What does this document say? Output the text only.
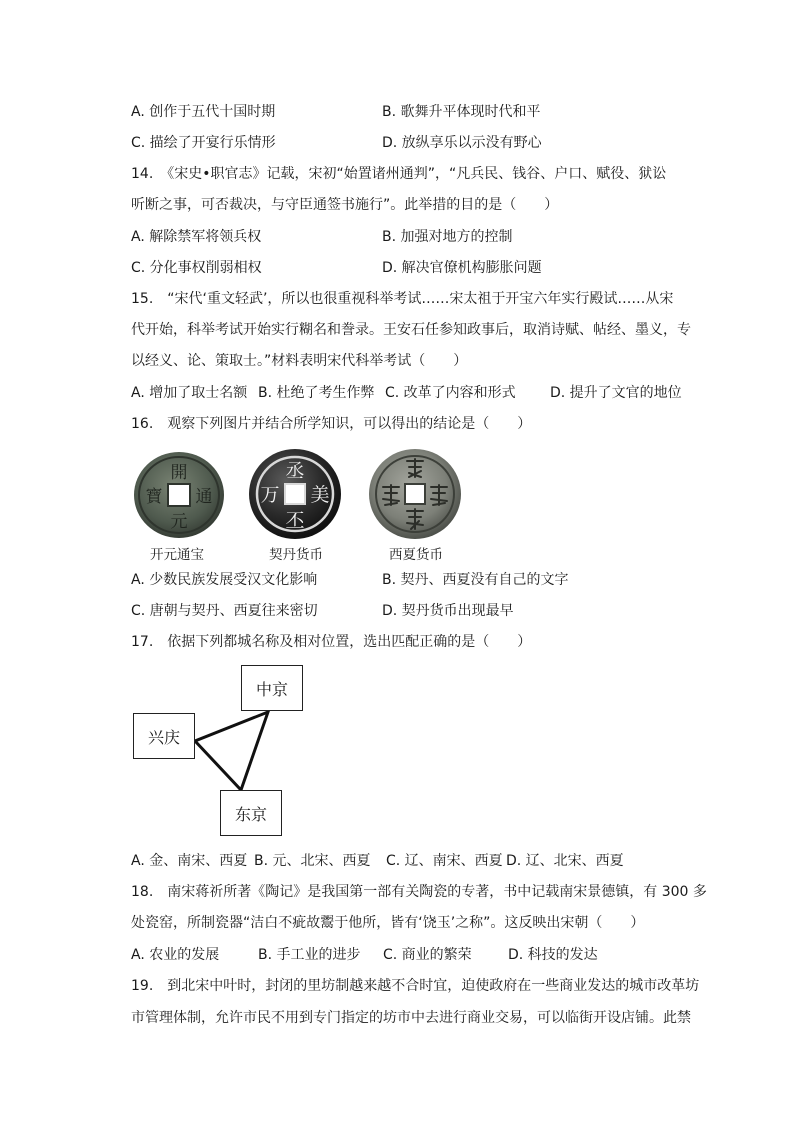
A. 创作于五代十国时期	B. 歌舞升平体现时代和平
C. 描绘了开宴行乐情形	D. 放纵享乐以示没有野心
14.　《宋史•职官志》记载，宋初“始置诸州通判”，“凡兵民、钱谷、户口、赋役、狱讼
听断之事，可否裁决，与守臣通签书施行”。此举措的目的是（　　）
A. 解除禁军将领兵权	B. 加强对地方的控制
C. 分化事权削弱相权	D. 解决官僚机构膨胀问题
15.　“宋代‘重文轻武’，所以也很重视科举考试……宋太祖于开宝六年实行殿试……从宋
代开始，科举考试开始实行糊名和誊录。王安石任参知政事后，取消诗赋、帖经、墨义，专
以经义、论、策取士。”材料表明宋代科举考试（　　）
A. 增加了取士名额 B. 杜绝了考生作弊 C. 改革了内容和形式 D. 提升了文官的地位
16.　观察下列图片并结合所学知识，可以得出的结论是（　　）
開
通
元
寶
开元通宝
丞
美
丕
万
契丹货币	西夏货币
A. 少数民族发展受汉文化影响	B. 契丹、西夏没有自己的文字
C. 唐朝与契丹、西夏往来密切	D. 契丹货币出现最早
17.　依据下列都城名称及相对位置，选出匹配正确的是（　　）
中京
兴庆
东京
A. 金、南宋、西夏 B. 元、北宋、西夏 C. 辽、南宋、西夏 D. 辽、北宋、西夏
18.　南宋蒋祈所著《陶记》是我国第一部有关陶瓷的专著，书中记载南宋景德镇，有 300 多
处瓷窑，所制瓷器“洁白不疵故鬻于他所，皆有‘饶玉’之称”。这反映出宋朝（　　）
A. 农业的发展	B. 手工业的进步 C. 商业的繁荣	D. 科技的发达
19.　到北宋中叶时，封闭的里坊制越来越不合时宜，迫使政府在一些商业发达的城市改革坊
市管理体制，允许市民不用到专门指定的坊市中去进行商业交易，可以临街开设店铺。此禁
